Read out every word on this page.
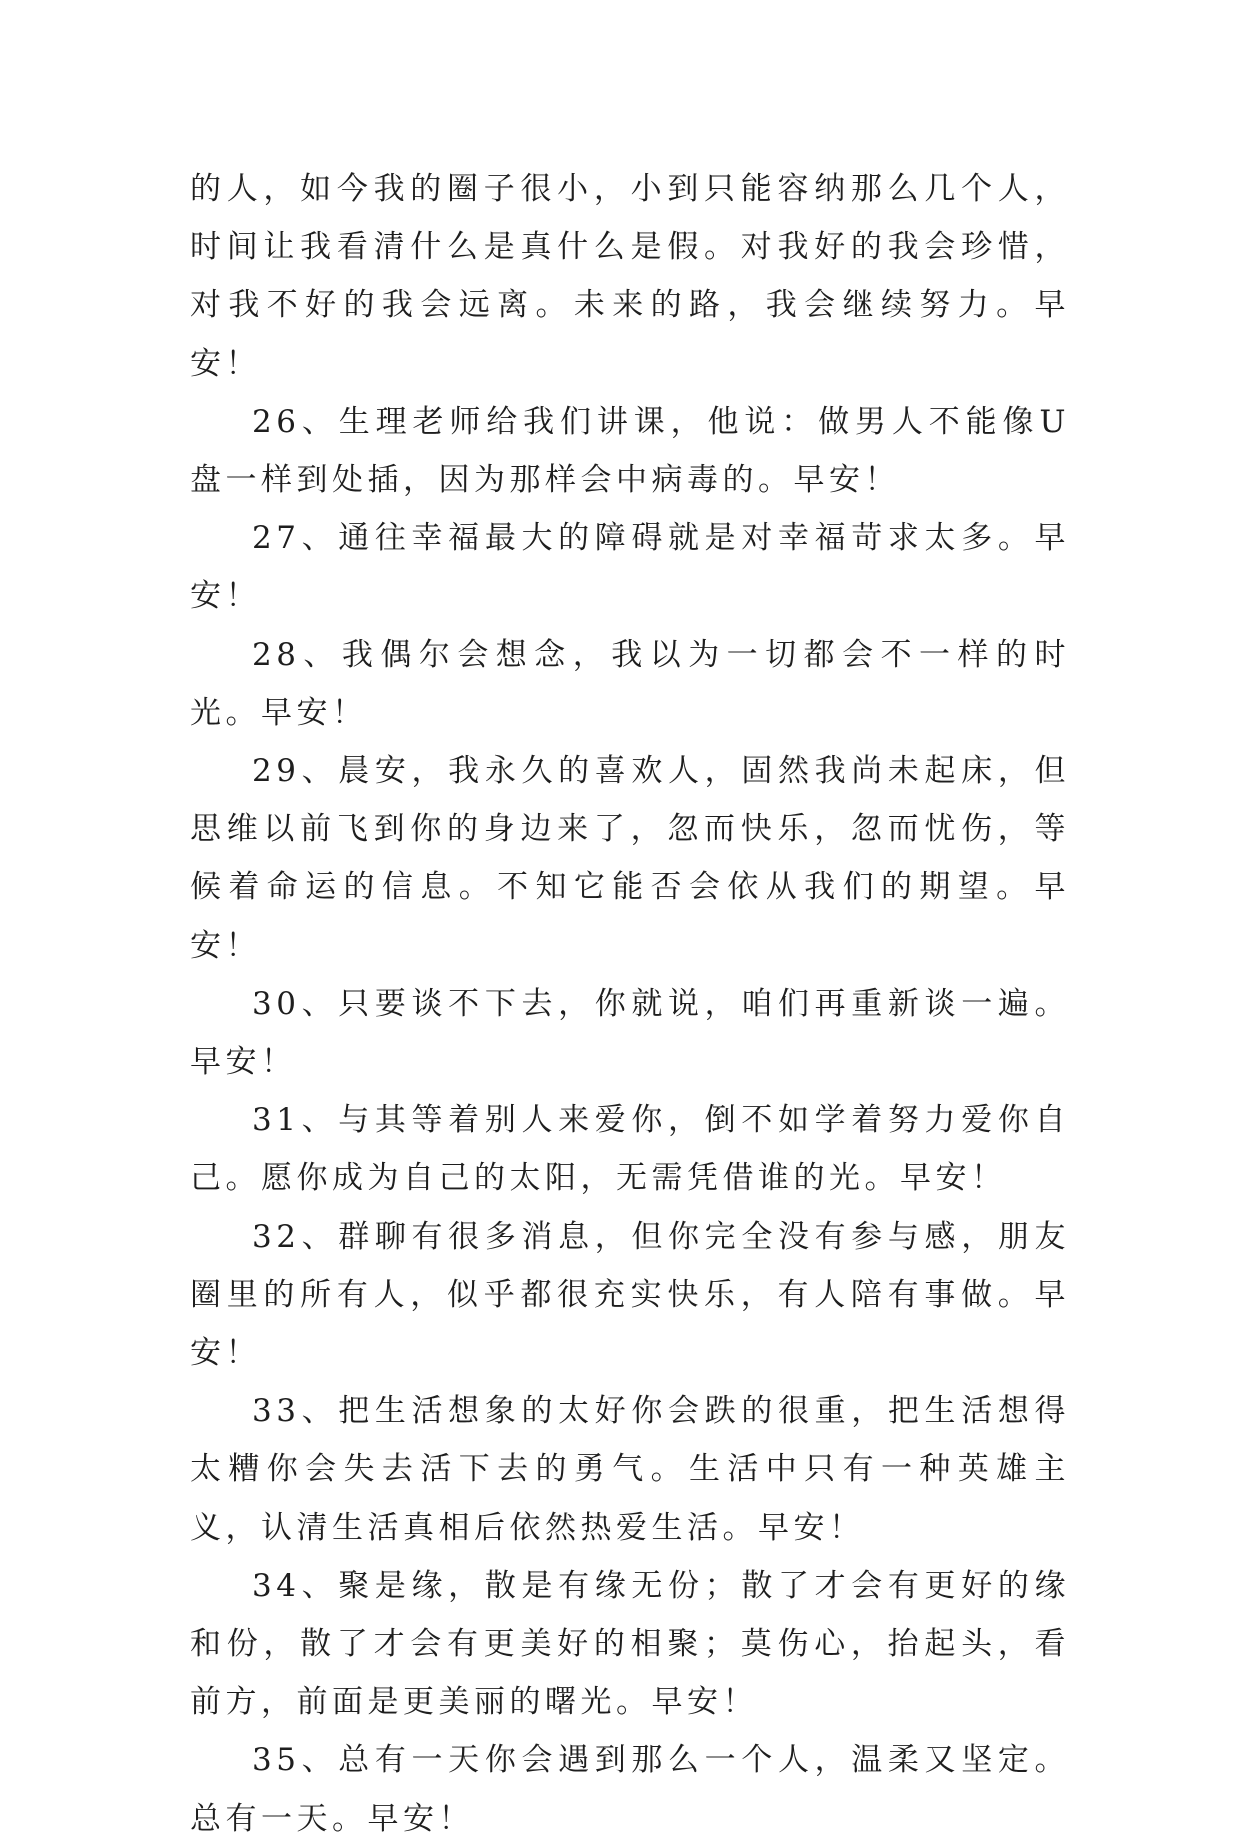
的人，如今我的圈子很小，小到只能容纳那么几个人，时间让我看清什么是真什么是假。对我好的我会珍惜，对我不好的我会远离。未来的路，我会继续努力。早安！

26、生理老师给我们讲课，他说：做男人不能像U盘一样到处插，因为那样会中病毒的。早安！

27、通往幸福最大的障碍就是对幸福苛求太多。早安！

28、我偶尔会想念，我以为一切都会不一样的时光。早安！

29、晨安，我永久的喜欢人，固然我尚未起床，但思维以前飞到你的身边来了，忽而快乐，忽而忧伤，等候着命运的信息。不知它能否会依从我们的期望。早安！

30、只要谈不下去，你就说，咱们再重新谈一遍。早安！

31、与其等着别人来爱你，倒不如学着努力爱你自己。愿你成为自己的太阳，无需凭借谁的光。早安！

32、群聊有很多消息，但你完全没有参与感，朋友圈里的所有人，似乎都很充实快乐，有人陪有事做。早安！

33、把生活想象的太好你会跌的很重，把生活想得太糟你会失去活下去的勇气。生活中只有一种英雄主义，认清生活真相后依然热爱生活。早安！

34、聚是缘，散是有缘无份；散了才会有更好的缘和份，散了才会有更美好的相聚；莫伤心，抬起头，看前方，前面是更美丽的曙光。早安！

35、总有一天你会遇到那么一个人，温柔又坚定。总有一天。早安！
